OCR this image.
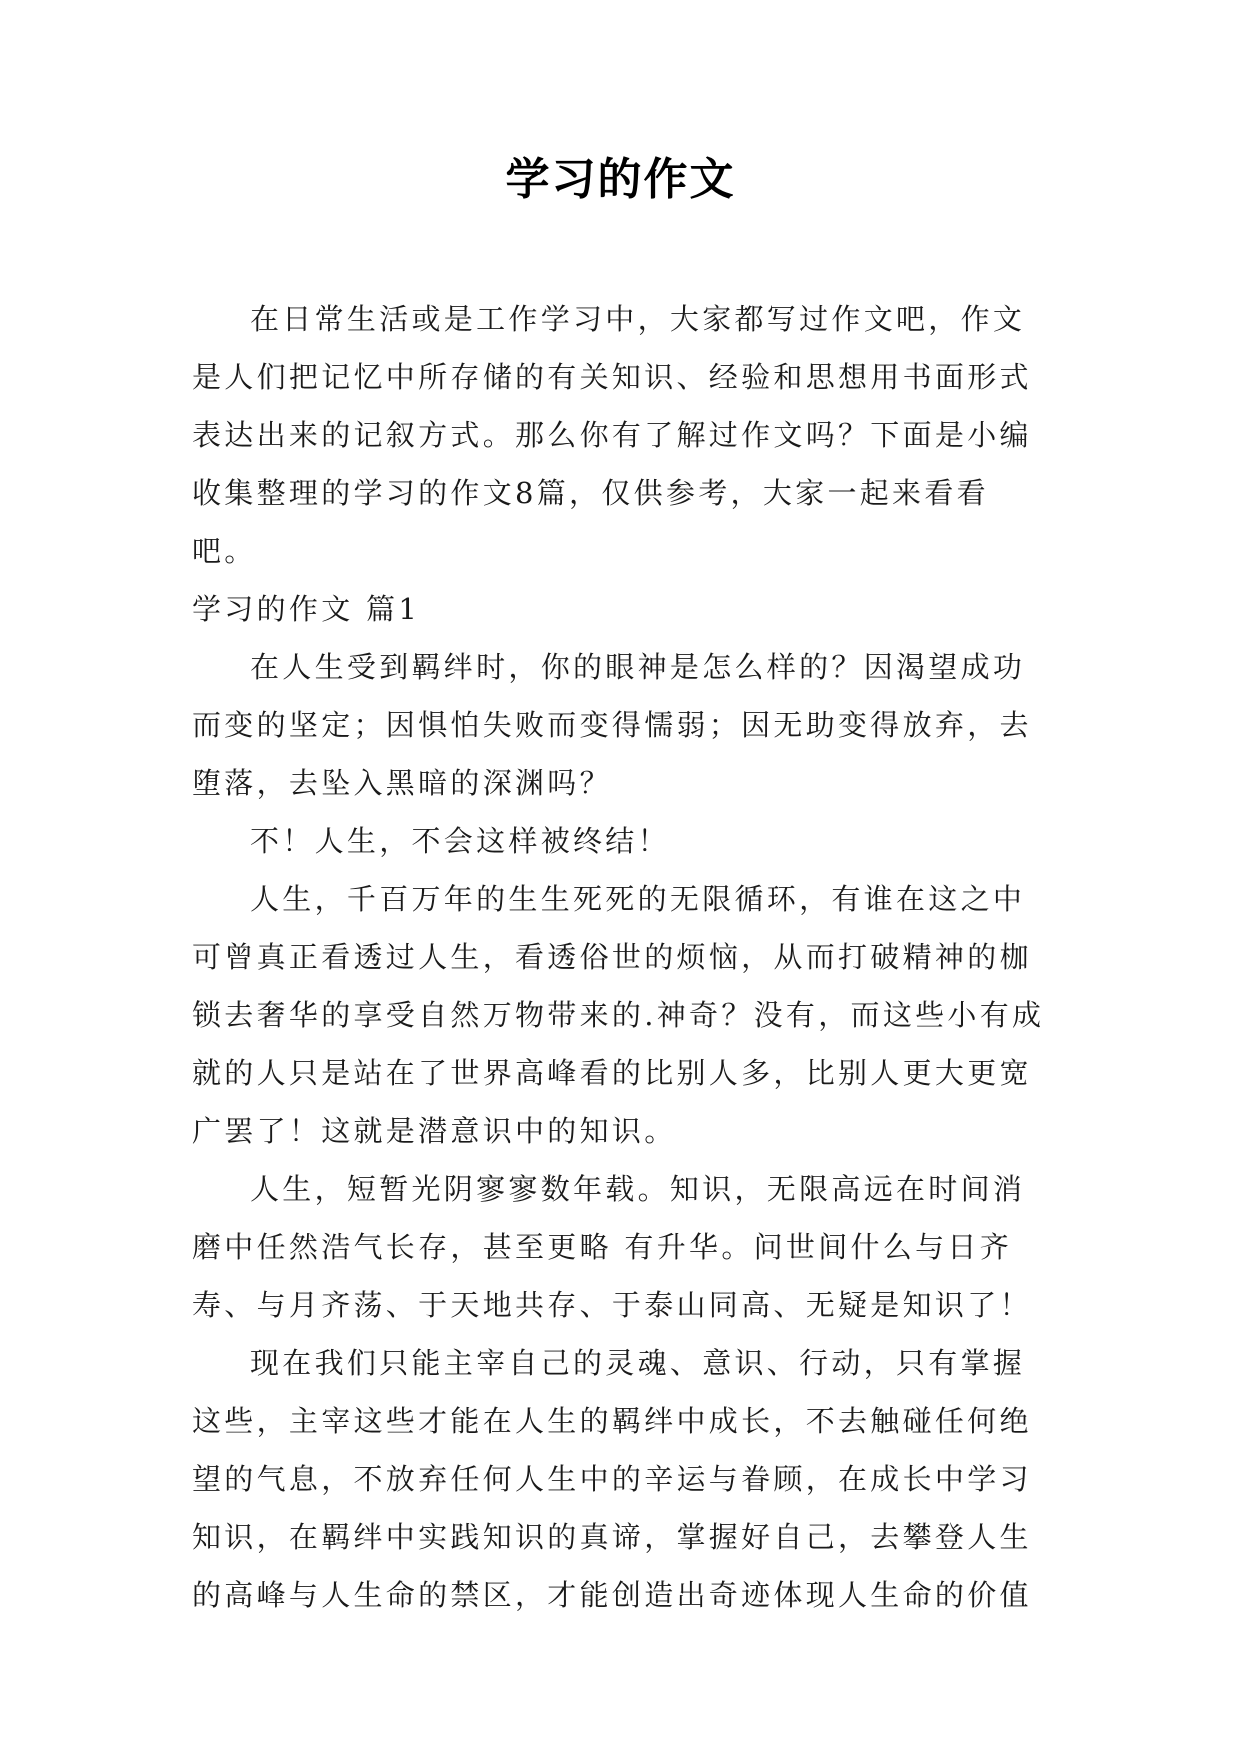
学习的作文

在日常生活或是工作学习中，大家都写过作文吧，作文是人们把记忆中所存储的有关知识、经验和思想用书面形式表达出来的记叙方式。那么你有了解过作文吗？下面是小编收集整理的学习的作文8篇，仅供参考，大家一起来看看吧。

学习的作文 篇1

在人生受到羁绊时，你的眼神是怎么样的？因渴望成功而变的坚定；因惧怕失败而变得懦弱；因无助变得放弃，去堕落，去坠入黑暗的深渊吗？

不！人生，不会这样被终结！

人生，千百万年的生生死死的无限循环，有谁在这之中可曾真正看透过人生，看透俗世的烦恼，从而打破精神的枷锁去奢华的享受自然万物带来的.神奇？没有，而这些小有成就的人只是站在了世界高峰看的比别人多，比别人更大更宽广罢了！这就是潜意识中的知识。

人生，短暂光阴寥寥数年载。知识，无限高远在时间消磨中任然浩气长存，甚至更略 有升华。问世间什么与日齐寿、与月齐荡、于天地共存、于泰山同高、无疑是知识了！

现在我们只能主宰自己的灵魂、意识、行动，只有掌握这些，主宰这些才能在人生的羁绊中成长，不去触碰任何绝望的气息，不放弃任何人生中的辛运与眷顾，在成长中学习知识，在羁绊中实践知识的真谛，掌握好自己，去攀登人生的高峰与人生命的禁区，才能创造出奇迹体现人生命的价值
